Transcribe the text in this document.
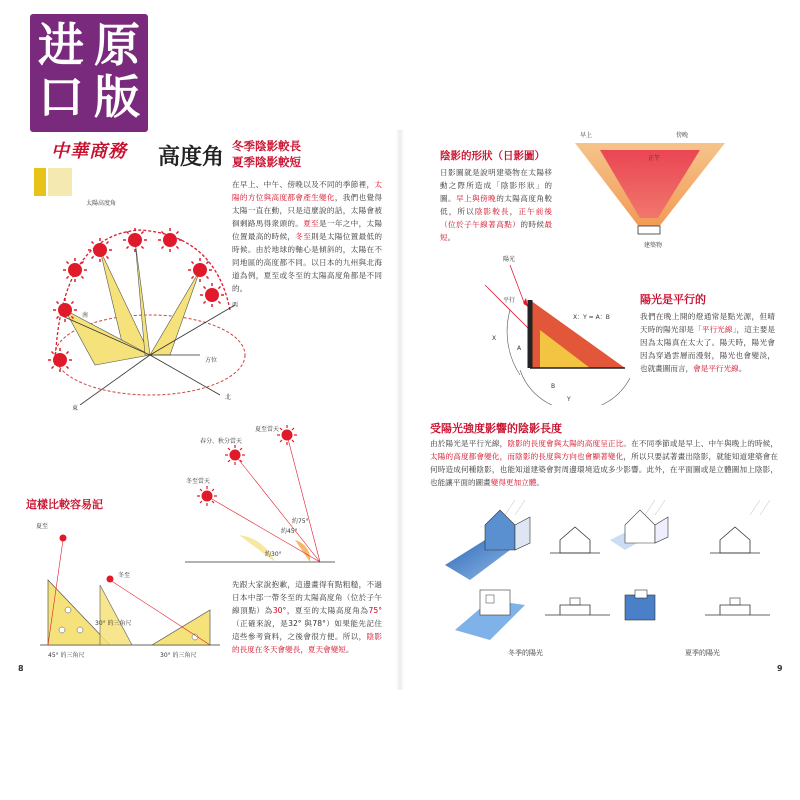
进 原
口 版
中華商務	高度角 冬季陰影較長
夏季陰影較短
在早上、中午、傍晚以及不同的季節裡，太陽的方位與高度都會產生變化，我們也覺得太陽一直在動，只是這麼說的話，太陽會被徊剩路馬得衆頭的。夏至是一年之中，太陽位置最高的時候，冬至則是太陽位置最低的時候。由於地球的軸心是傾斜的，太陽在不同地區的高度都不同。以日本的九州與北海道為例，夏至或冬至的太陽高度角都是不同的。
太陽高度角
南
西
東
北
方位
夏至當天
春分、秋分當天
冬至當天
約75°
約45°
約30°
這樣比較容易記
夏至
冬至
30° 的三角尺
45° 的三角尺	30° 的三角尺
先跟大家說抱歉，這邊畫得有點粗糙，不過日本中部一帶冬至的太陽高度角（位於子午線頂點）為30°，夏至的太陽高度角為75°（正確來說，是32° 與78°）如果能先記住這些參考資料，之後會很方便。所以，陰影的長度在冬天會變長，夏天會變短。
8
陰影的形狀（日影圖）
日影圖就是說明建築物在太陽移動之際所造成「陰影形狀」的圖。早上與傍晚的太陽高度角較低，所以陰影較長，正午前後（位於子午線著高點）的時候最短。
早上	傍晚
正午
建築物
陽光
平行
X：Y = A：B
X
A
B
Y
陽光是平行的
我們在晚上開的燈通常是點光源，但晴天時的陽光卻是「平行光線」，這主要是因為太陽真在太大了。陽天時，陽光會因為穿過雲層而漫射，陽光也會變淡，也就畫圖而言，會是平行光線。
受陽光強度影響的陰影長度
由於陽光是平行光線，陰影的長度會與太陽的高度呈正比。在不同季節或是早上、中午與晚上的時候，太陽的高度都會變化，而陰影的長度與方向也會顯著變化，所以只要試著畫出陰影，就能知道建築會在何時造成何種陰影，也能知道建築會對周邊環境造成多少影響。此外，在平面圖或是立體圖加上陰影，也能讓平面的圖畫變得更加立體。
冬季的陽光	夏季的陽光
9
